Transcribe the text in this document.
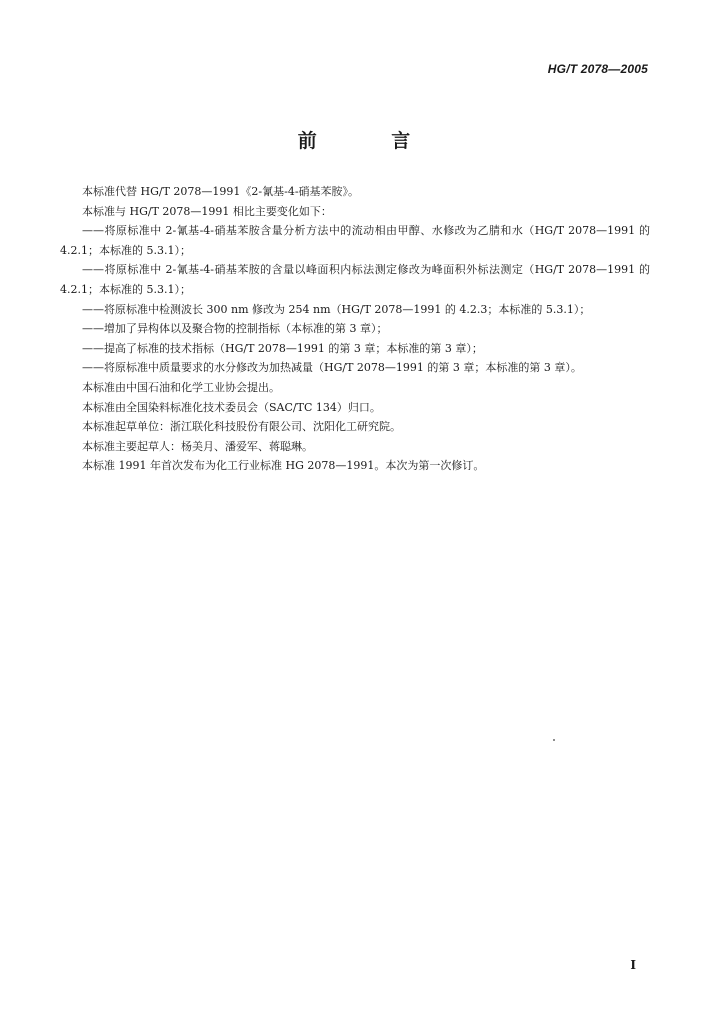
HG/T 2078—2005
前 言

本标准代替 HG/T 2078—1991《2-氰基-4-硝基苯胺》。

本标准与 HG/T 2078—1991 相比主要变化如下：

——将原标准中 2-氰基-4-硝基苯胺含量分析方法中的流动相由甲醇、水修改为乙腈和水（HG/T 2078—1991 的 4.2.1；本标准的 5.3.1）；

——将原标准中 2-氰基-4-硝基苯胺的含量以峰面积内标法测定修改为峰面积外标法测定（HG/T 2078—1991 的 4.2.1；本标准的 5.3.1）；

——将原标准中检测波长 300 nm 修改为 254 nm（HG/T 2078—1991 的 4.2.3；本标准的 5.3.1）；

——增加了异构体以及聚合物的控制指标（本标准的第 3 章）；

——提高了标准的技术指标（HG/T 2078—1991 的第 3 章；本标准的第 3 章）；

——将原标准中质量要求的水分修改为加热减量（HG/T 2078—1991 的第 3 章；本标准的第 3 章）。

本标准由中国石油和化学工业协会提出。

本标准由全国染料标准化技术委员会（SAC/TC 134）归口。

本标准起草单位：浙江联化科技股份有限公司、沈阳化工研究院。

本标准主要起草人：杨美月、潘爱军、蒋聪琳。

本标准 1991 年首次发布为化工行业标准 HG 2078—1991。本次为第一次修订。

I
